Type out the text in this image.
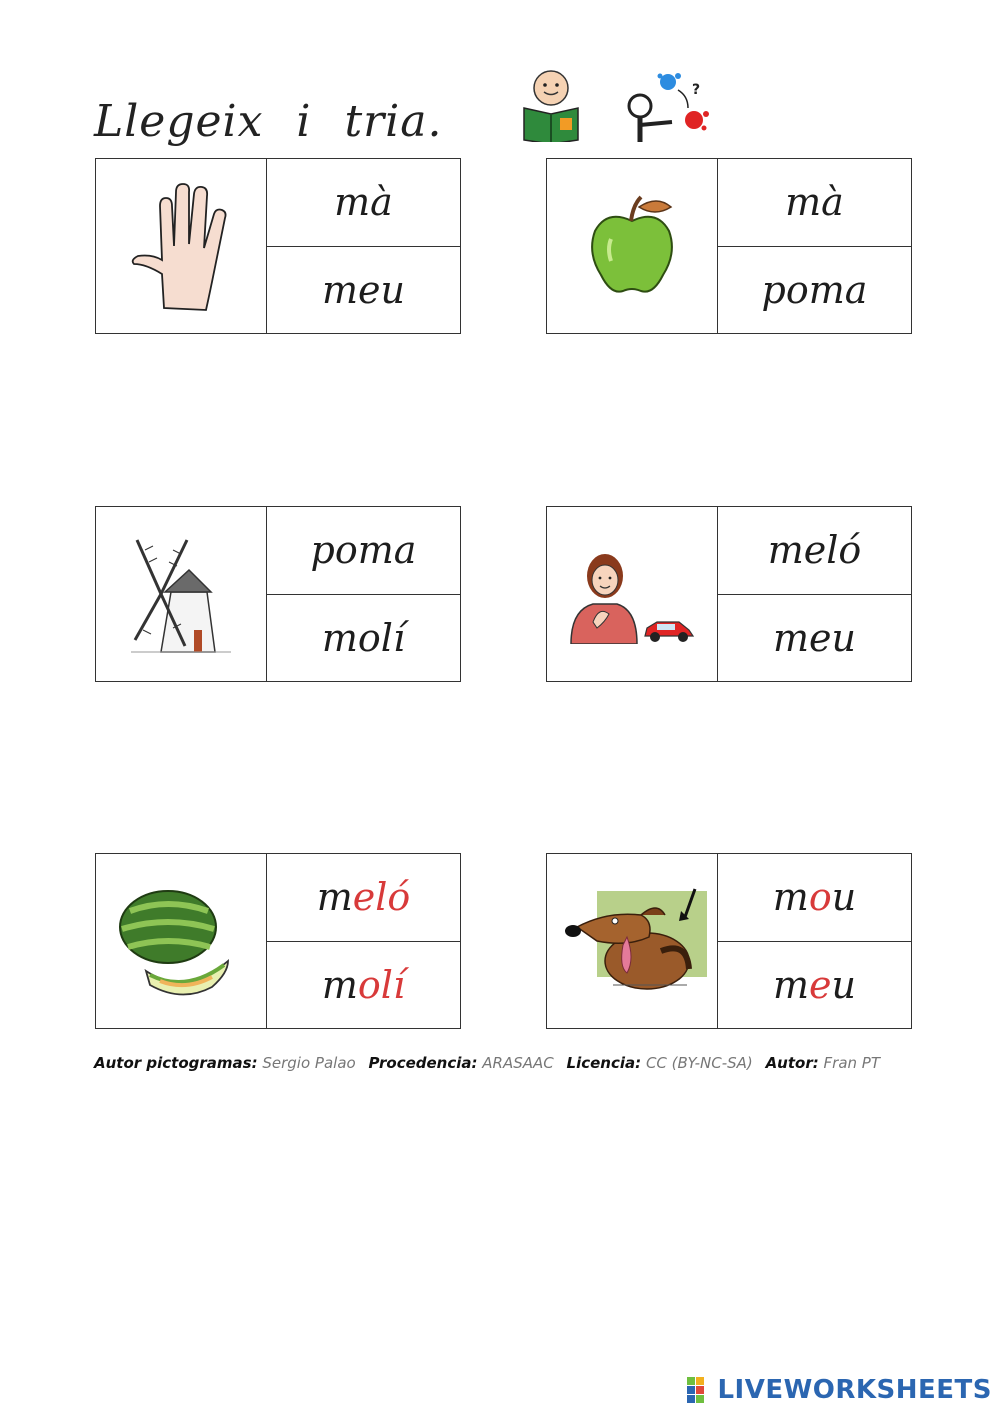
Llegeix i tria.
?
mà
meu
mà
poma
poma
molí
meló
meu
m eló
m olí
m o u
m e u
Autor pictogramas: Sergio Palao Procedencia: ARASAAC Licencia: CC (BY-NC-SA) Autor: Fran PT
LIVEWORKSHEETS
